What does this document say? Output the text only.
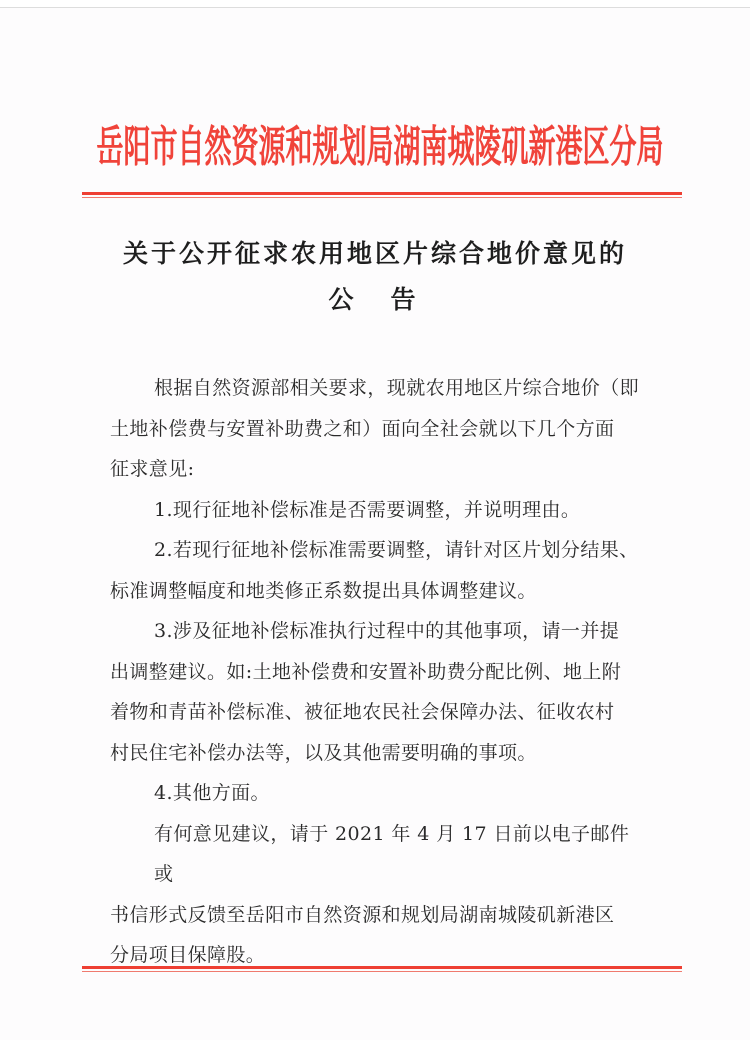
岳阳市自然资源和规划局湖南城陵矶新港区分局
关于公开征求农用地区片综合地价意见的
公　告
根据自然资源部相关要求，现就农用地区片综合地价（即
土地补偿费与安置补助费之和）面向全社会就以下几个方面
征求意见:
1.现行征地补偿标准是否需要调整，并说明理由。
2.若现行征地补偿标准需要调整，请针对区片划分结果、
标准调整幅度和地类修正系数提出具体调整建议。
3.涉及征地补偿标准执行过程中的其他事项，请一并提
出调整建议。如:土地补偿费和安置补助费分配比例、地上附
着物和青苗补偿标准、被征地农民社会保障办法、征收农村
村民住宅补偿办法等，以及其他需要明确的事项。
4.其他方面。
有何意见建议，请于 2021 年 4 月 17 日前以电子邮件或
书信形式反馈至岳阳市自然资源和规划局湖南城陵矶新港区
分局项目保障股。
